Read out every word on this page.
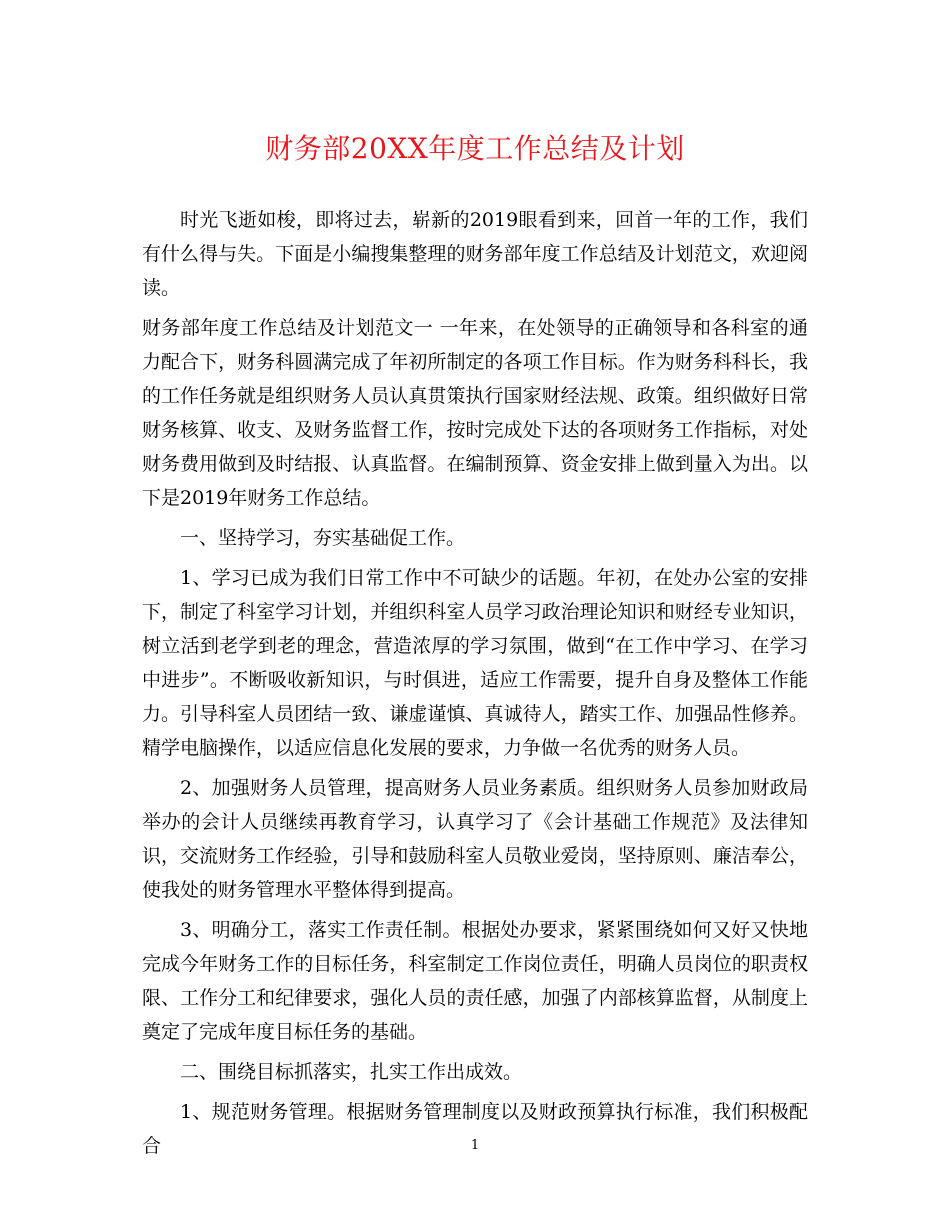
财务部20XX年度工作总结及计划

时光飞逝如梭，即将过去，崭新的2019眼看到来，回首一年的工作，我们有什么得与失。下面是小编搜集整理的财务部年度工作总结及计划范文，欢迎阅读。

财务部年度工作总结及计划范文一 一年来，在处领导的正确领导和各科室的通力配合下，财务科圆满完成了年初所制定的各项工作目标。作为财务科科长，我的工作任务就是组织财务人员认真贯策执行国家财经法规、政策。组织做好日常财务核算、收支、及财务监督工作，按时完成处下达的各项财务工作指标，对处财务费用做到及时结报、认真监督。在编制预算、资金安排上做到量入为出。以下是2019年财务工作总结。

一、坚持学习，夯实基础促工作。

1、学习已成为我们日常工作中不可缺少的话题。年初，在处办公室的安排下，制定了科室学习计划，并组织科室人员学习政治理论知识和财经专业知识，树立活到老学到老的理念，营造浓厚的学习氛围，做到“在工作中学习、在学习中进步”。不断吸收新知识，与时俱进，适应工作需要，提升自身及整体工作能力。引导科室人员团结一致、谦虚谨慎、真诚待人，踏实工作、加强品性修养。精学电脑操作，以适应信息化发展的要求，力争做一名优秀的财务人员。

2、加强财务人员管理，提高财务人员业务素质。组织财务人员参加财政局举办的会计人员继续再教育学习，认真学习了《会计基础工作规范》及法律知识，交流财务工作经验，引导和鼓励科室人员敬业爱岗，坚持原则、廉洁奉公，使我处的财务管理水平整体得到提高。

3、明确分工，落实工作责任制。根据处办要求，紧紧围绕如何又好又快地完成今年财务工作的目标任务，科室制定工作岗位责任，明确人员岗位的职责权限、工作分工和纪律要求，强化人员的责任感，加强了内部核算监督，从制度上奠定了完成年度目标任务的基础。

二、围绕目标抓落实，扎实工作出成效。

1、规范财务管理。根据财务管理制度以及财政预算执行标准，我们积极配合	1
